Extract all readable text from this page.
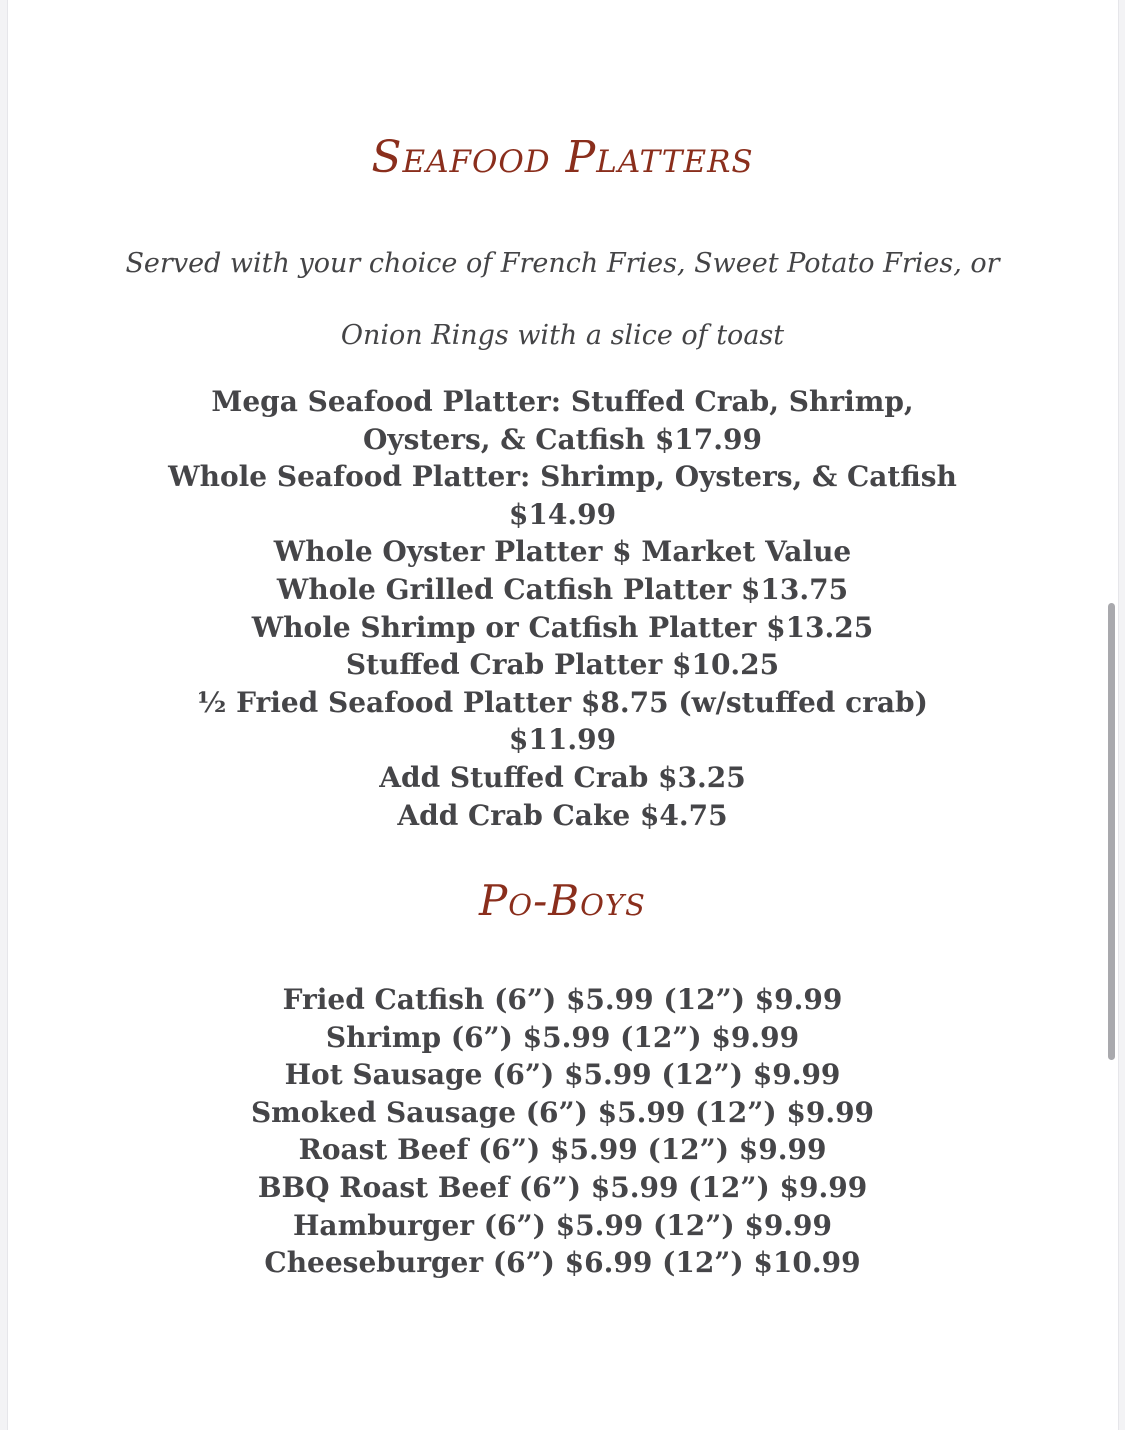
Seafood Platters

Served with your choice of French Fries, Sweet Potato Fries, or

Onion Rings with a slice of toast

Mega Seafood Platter: Stuffed Crab, Shrimp,
Oysters, & Catfish $17.99
Whole Seafood Platter: Shrimp, Oysters, & Catfish
$14.99
Whole Oyster Platter $ Market Value
Whole Grilled Catfish Platter $13.75
Whole Shrimp or Catfish Platter $13.25
Stuffed Crab Platter $10.25
½ Fried Seafood Platter $8.75 (w/stuffed crab)
$11.99
Add Stuffed Crab $3.25
Add Crab Cake $4.75
Po-Boys
Fried Catfish (6”) $5.99 (12”) $9.99
Shrimp (6”) $5.99 (12”) $9.99
Hot Sausage (6”) $5.99 (12”) $9.99
Smoked Sausage (6”) $5.99 (12”) $9.99
Roast Beef (6”) $5.99 (12”) $9.99
BBQ Roast Beef (6”) $5.99 (12”) $9.99
Hamburger (6”) $5.99 (12”) $9.99
Cheeseburger (6”) $6.99 (12”) $10.99
